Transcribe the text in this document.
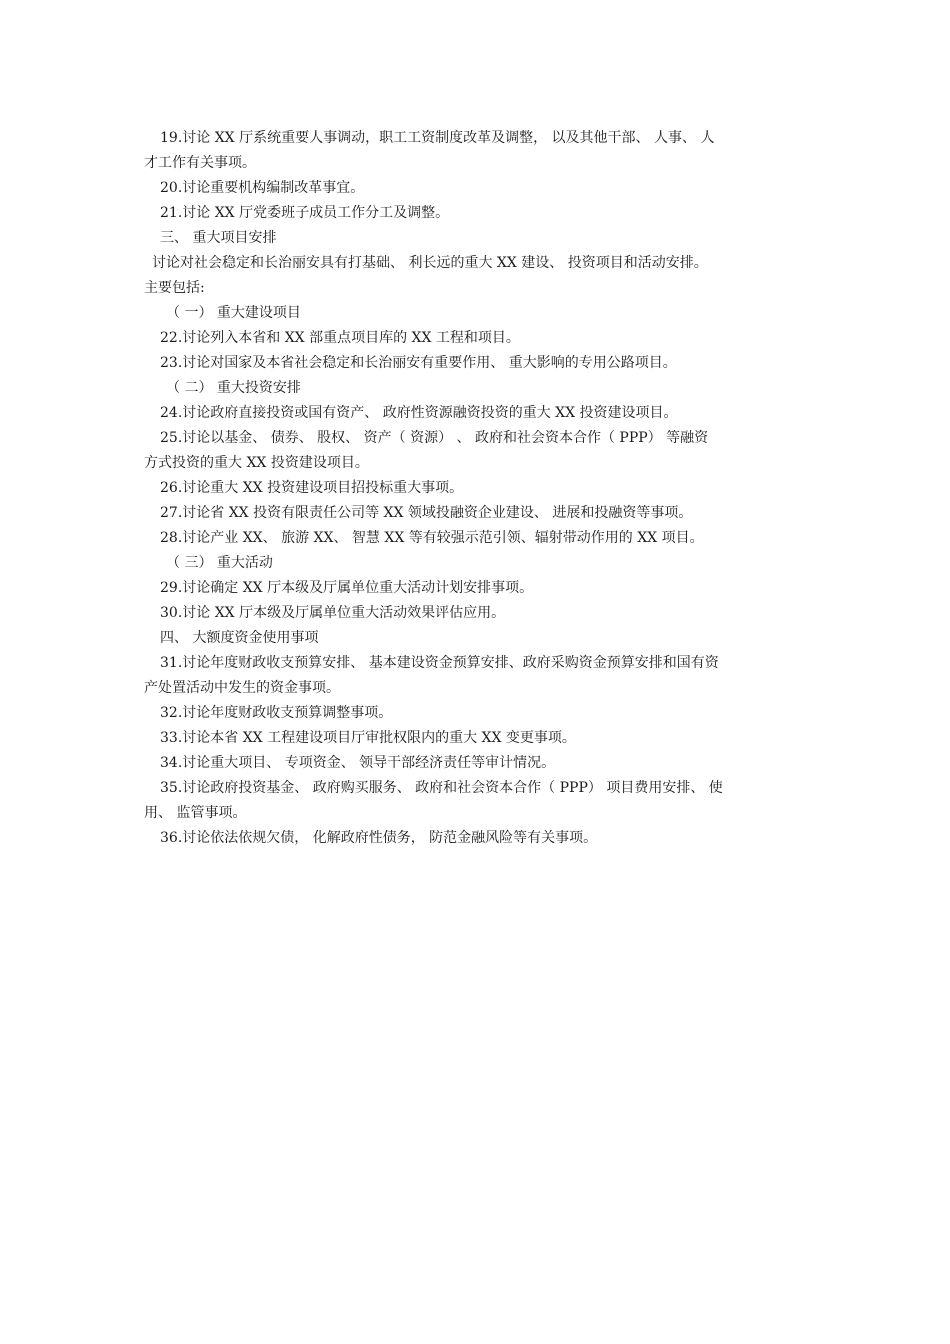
19.讨论 XX 厅系统重要人事调动，职工工资制度改革及调整， 以及其他干部、 人事、 人
才工作有关事项。
20.讨论重要机构编制改革事宜。
21.讨论 XX 厅党委班子成员工作分工及调整。
三、 重大项目安排
讨论对社会稳定和长治丽安具有打基础、 利长远的重大 XX 建设、 投资项目和活动安排。
主要包括:
（ 一） 重大建设项目
22.讨论列入本省和 XX 部重点项目库的 XX 工程和项目。
23.讨论对国家及本省社会稳定和长治丽安有重要作用、 重大影响的专用公路项目。
（ 二） 重大投资安排
24.讨论政府直接投资或国有资产、 政府性资源融资投资的重大 XX 投资建设项目。
25.讨论以基金、 债券、 股权、 资产（ 资源） 、 政府和社会资本合作（ PPP） 等融资
方式投资的重大 XX 投资建设项目。
26.讨论重大 XX 投资建设项目招投标重大事项。
27.讨论省 XX 投资有限责任公司等 XX 领域投融资企业建设、 进展和投融资等事项。
28.讨论产业 XX、 旅游 XX、 智慧 XX 等有较强示范引领、辐射带动作用的 XX 项目。
（ 三） 重大活动
29.讨论确定 XX 厅本级及厅属单位重大活动计划安排事项。
30.讨论 XX 厅本级及厅属单位重大活动效果评估应用。
四、 大额度资金使用事项
31.讨论年度财政收支预算安排、 基本建设资金预算安排、政府采购资金预算安排和国有资
产处置活动中发生的资金事项。
32.讨论年度财政收支预算调整事项。
33.讨论本省 XX 工程建设项目厅审批权限内的重大 XX 变更事项。
34.讨论重大项目、 专项资金、 领导干部经济责任等审计情况。
35.讨论政府投资基金、 政府购买服务、 政府和社会资本合作（ PPP） 项目费用安排、 使
用、 监管事项。
36.讨论依法依规欠债， 化解政府性债务， 防范金融风险等有关事项。
